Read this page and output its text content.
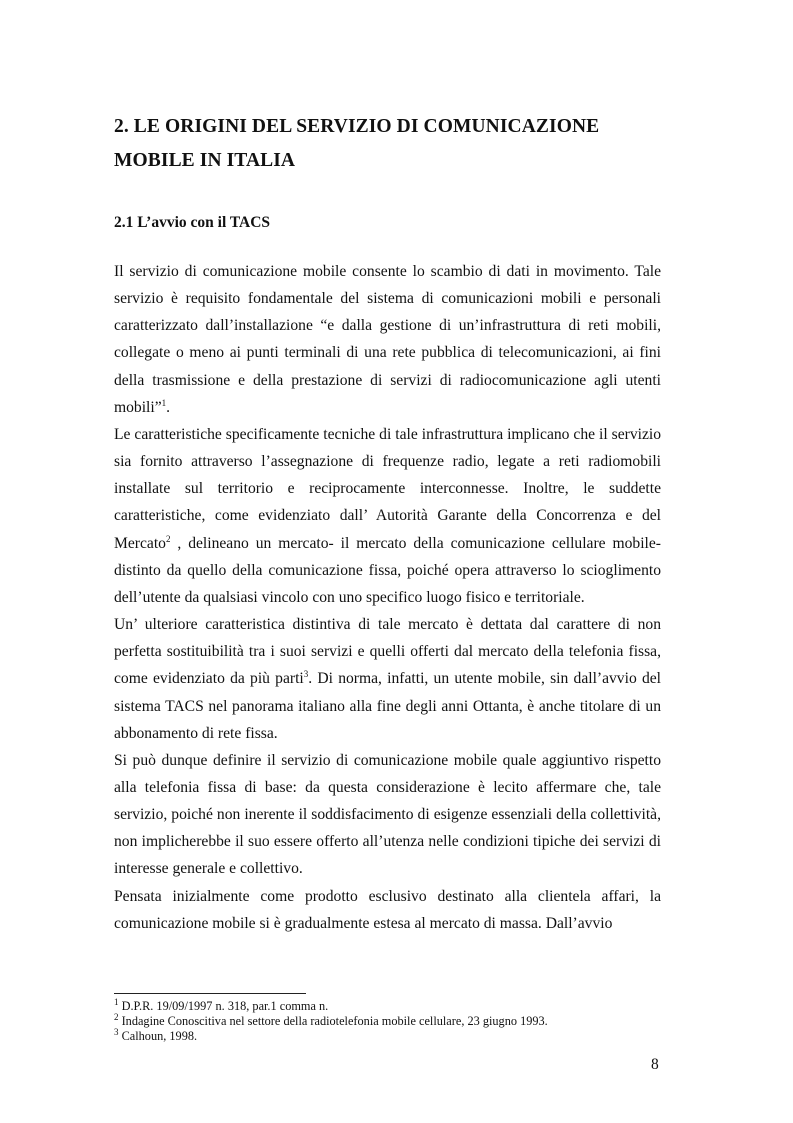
2. LE ORIGINI DEL SERVIZIO DI COMUNICAZIONE MOBILE IN ITALIA
2.1 L’avvio con il TACS

Il servizio di comunicazione mobile consente lo scambio di dati in movimento. Tale servizio è requisito fondamentale del sistema di comunicazioni mobili e personali caratterizzato dall’installazione “e dalla gestione di un’infrastruttura di reti mobili, collegate o meno ai punti terminali di una rete pubblica di telecomunicazioni, ai fini della trasmissione e della prestazione di servizi di radiocomunicazione agli utenti mobili”$^1$.

Le caratteristiche specificamente tecniche di tale infrastruttura implicano che il servizio sia fornito attraverso l’assegnazione di frequenze radio, legate a reti radiomobili installate sul territorio e reciprocamente interconnesse. Inoltre, le suddette caratteristiche, come evidenziato dall’ Autorità Garante della Concorrenza e del Mercato$^2$ , delineano un mercato- il mercato della comunicazione cellulare mobile- distinto da quello della comunicazione fissa, poiché opera attraverso lo scioglimento dell’utente da qualsiasi vincolo con uno specifico luogo fisico e territoriale.

Un’ ulteriore caratteristica distintiva di tale mercato è dettata dal carattere di non perfetta sostituibilità tra i suoi servizi e quelli offerti dal mercato della telefonia fissa, come evidenziato da più parti$^3$. Di norma, infatti, un utente mobile, sin dall’avvio del sistema TACS nel panorama italiano alla fine degli anni Ottanta, è anche titolare di un abbonamento di rete fissa.

Si può dunque definire il servizio di comunicazione mobile quale aggiuntivo rispetto alla telefonia fissa di base: da questa considerazione è lecito affermare che, tale servizio, poiché non inerente il soddisfacimento di esigenze essenziali della collettività, non implicherebbe il suo essere offerto all’utenza nelle condizioni tipiche dei servizi di interesse generale e collettivo.

Pensata inizialmente come prodotto esclusivo destinato alla clientela affari, la comunicazione mobile si è gradualmente estesa al mercato di massa. Dall’avvio

$^1$ D.P.R. 19/09/1997 n. 318, par.1 comma n.
$^2$ Indagine Conoscitiva nel settore della radiotelefonia mobile cellulare, 23 giugno 1993.
$^3$ Calhoun, 1998.
8
